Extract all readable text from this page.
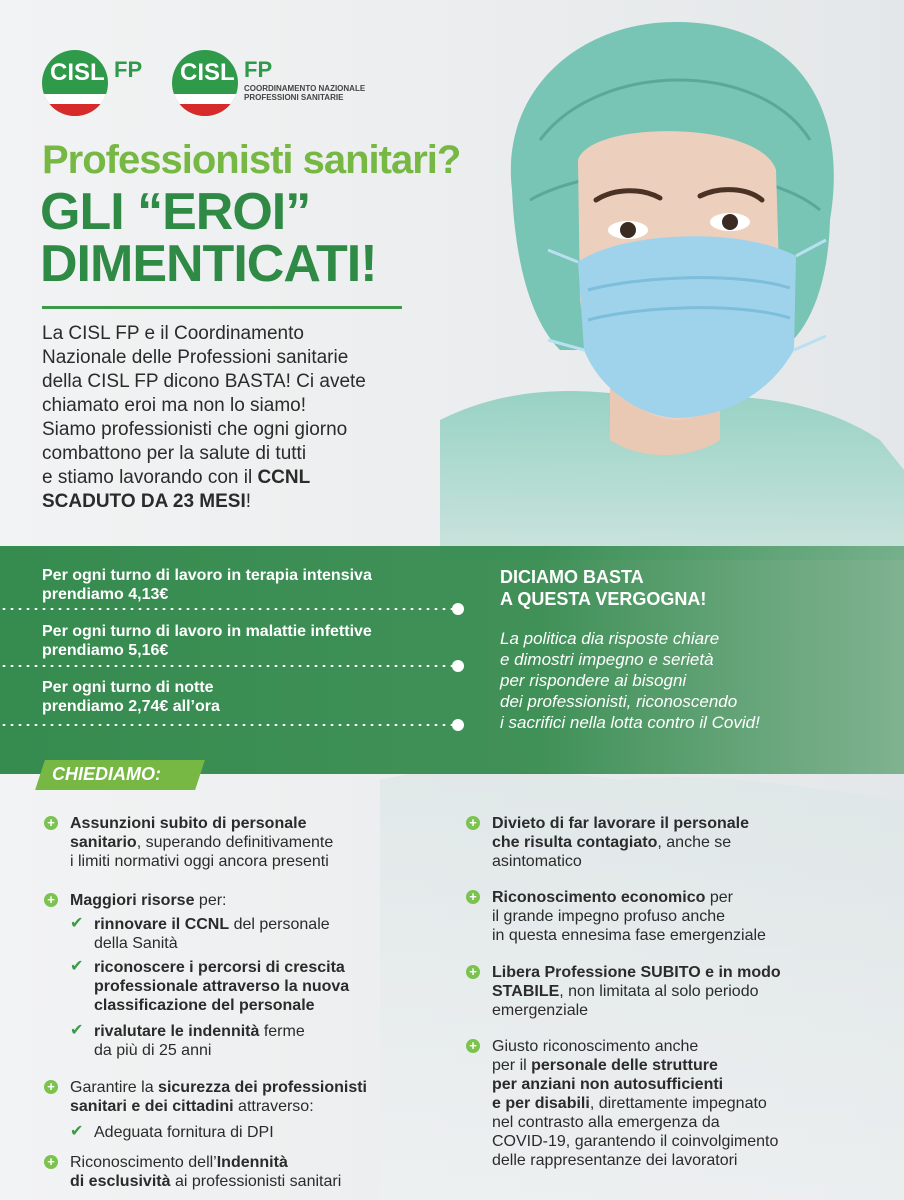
CISL FP CISL FP
COORDINAMENTO NAZIONALE
PROFESSIONI SANITARIE
Professionisti sanitari?
GLI “EROI”
DIMENTICATI!
La CISL FP e il Coordinamento
Nazionale delle Professioni sanitarie
della CISL FP dicono BASTA! Ci avete
chiamato eroi ma non lo siamo!
Siamo professionisti che ogni giorno
combattono per la salute di tutti
e stiamo lavorando con il CCNL
SCADUTO DA 23 MESI!
Per ogni turno di lavoro in terapia intensiva
prendiamo 4,13€
Per ogni turno di lavoro in malattie infettive
prendiamo 5,16€
Per ogni turno di notte
prendiamo 2,74€ all’ora
DICIAMO BASTA
A QUESTA VERGOGNA!
La politica dia risposte chiare
e dimostri impegno e serietà
per rispondere ai bisogni
dei professionisti, riconoscendo
i sacrifici nella lotta contro il Covid!
CHIEDIAMO:
+ Assunzioni subito di personale
sanitario, superando definitivamente
i limiti normativi oggi ancora presenti
+ Maggiori risorse per:
✔ rinnovare il CCNL del personale
della Sanità
✔ riconoscere i percorsi di crescita
professionale attraverso la nuova
classificazione del personale
✔ rivalutare le indennità ferme
da più di 25 anni
+ Garantire la sicurezza dei professionisti
sanitari e dei cittadini attraverso:
✔ Adeguata fornitura di DPI
+ Riconoscimento dell’Indennità
di esclusività ai professionisti sanitari
+ Divieto di far lavorare il personale
che risulta contagiato, anche se
asintomatico
+ Riconoscimento economico per
il grande impegno profuso anche
in questa ennesima fase emergenziale
+ Libera Professione SUBITO e in modo
STABILE, non limitata al solo periodo
emergenziale
+ Giusto riconoscimento anche
per il personale delle strutture
per anziani non autosufficienti
e per disabili, direttamente impegnato
nel contrasto alla emergenza da
COVID-19, garantendo il coinvolgimento
delle rappresentanze dei lavoratori
